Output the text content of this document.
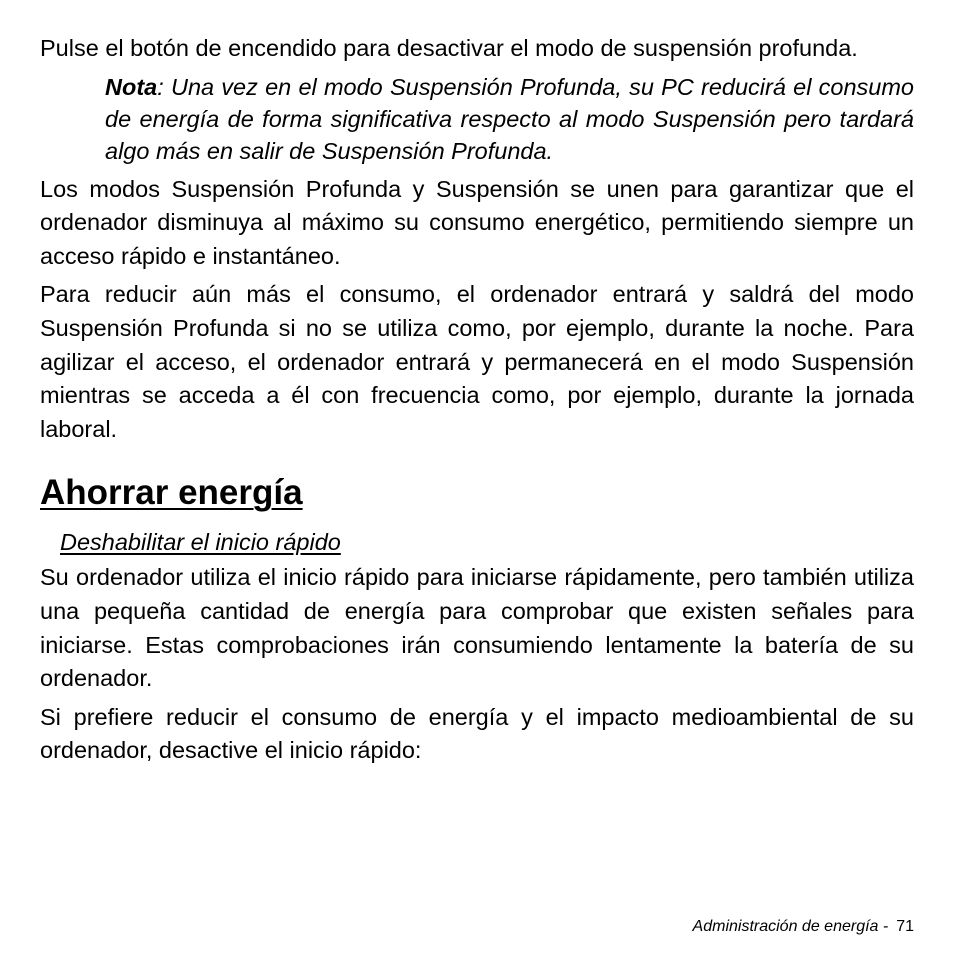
Pulse el botón de encendido para desactivar el modo de suspensión profunda.

Nota: Una vez en el modo Suspensión Profunda, su PC reducirá el consumo de energía de forma significativa respecto al modo Suspensión pero tardará algo más en salir de Suspensión Profunda.

Los modos Suspensión Profunda y Suspensión se unen para garantizar que el ordenador disminuya al máximo su consumo energético, permitiendo siempre un acceso rápido e instantáneo.

Para reducir aún más el consumo, el ordenador entrará y saldrá del modo Suspensión Profunda si no se utiliza como, por ejemplo, durante la noche. Para agilizar el acceso, el ordenador entrará y permanecerá en el modo Suspensión mientras se acceda a él con frecuencia como, por ejemplo, durante la jornada laboral.

Ahorrar energía
Deshabilitar el inicio rápido

Su ordenador utiliza el inicio rápido para iniciarse rápidamente, pero también utiliza una pequeña cantidad de energía para comprobar que existen señales para iniciarse. Estas comprobaciones irán consumiendo lentamente la batería de su ordenador.

Si prefiere reducir el consumo de energía y el impacto medioambiental de su ordenador, desactive el inicio rápido:

Administración de energía - 71
